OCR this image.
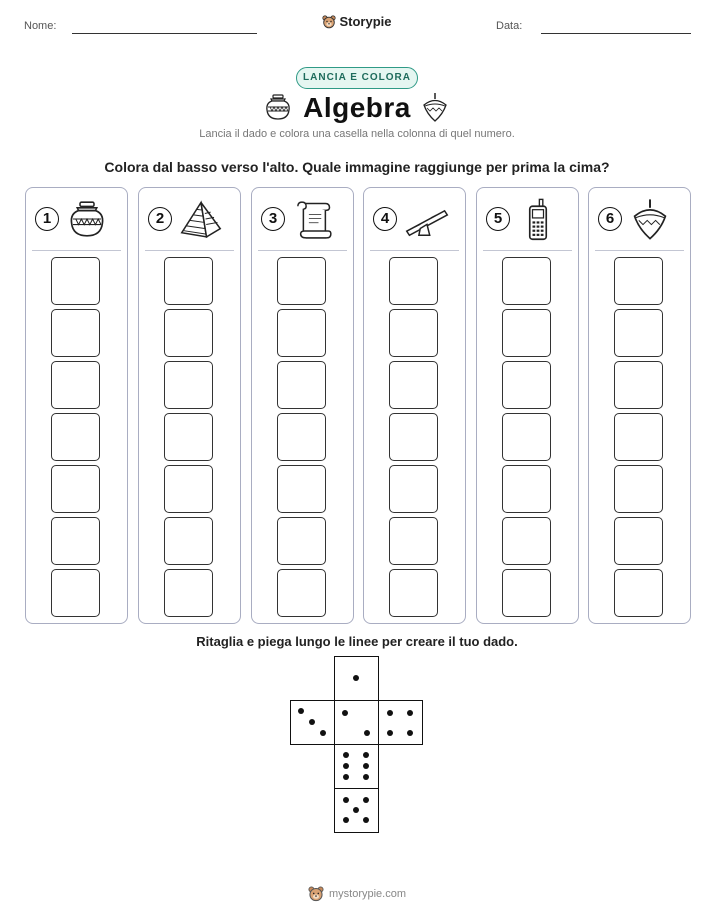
Nome:	Data:
Storypie
LANCIA E COLORA
Algebra
Lancia il dado e colora una casella nella colonna di quel numero.
Colora dal basso verso l'alto. Quale immagine raggiunge per prima la cima?
1	2	3	4	5	6
Ritaglia e piega lungo le linee per creare il tuo dado.
mystorypie.com
